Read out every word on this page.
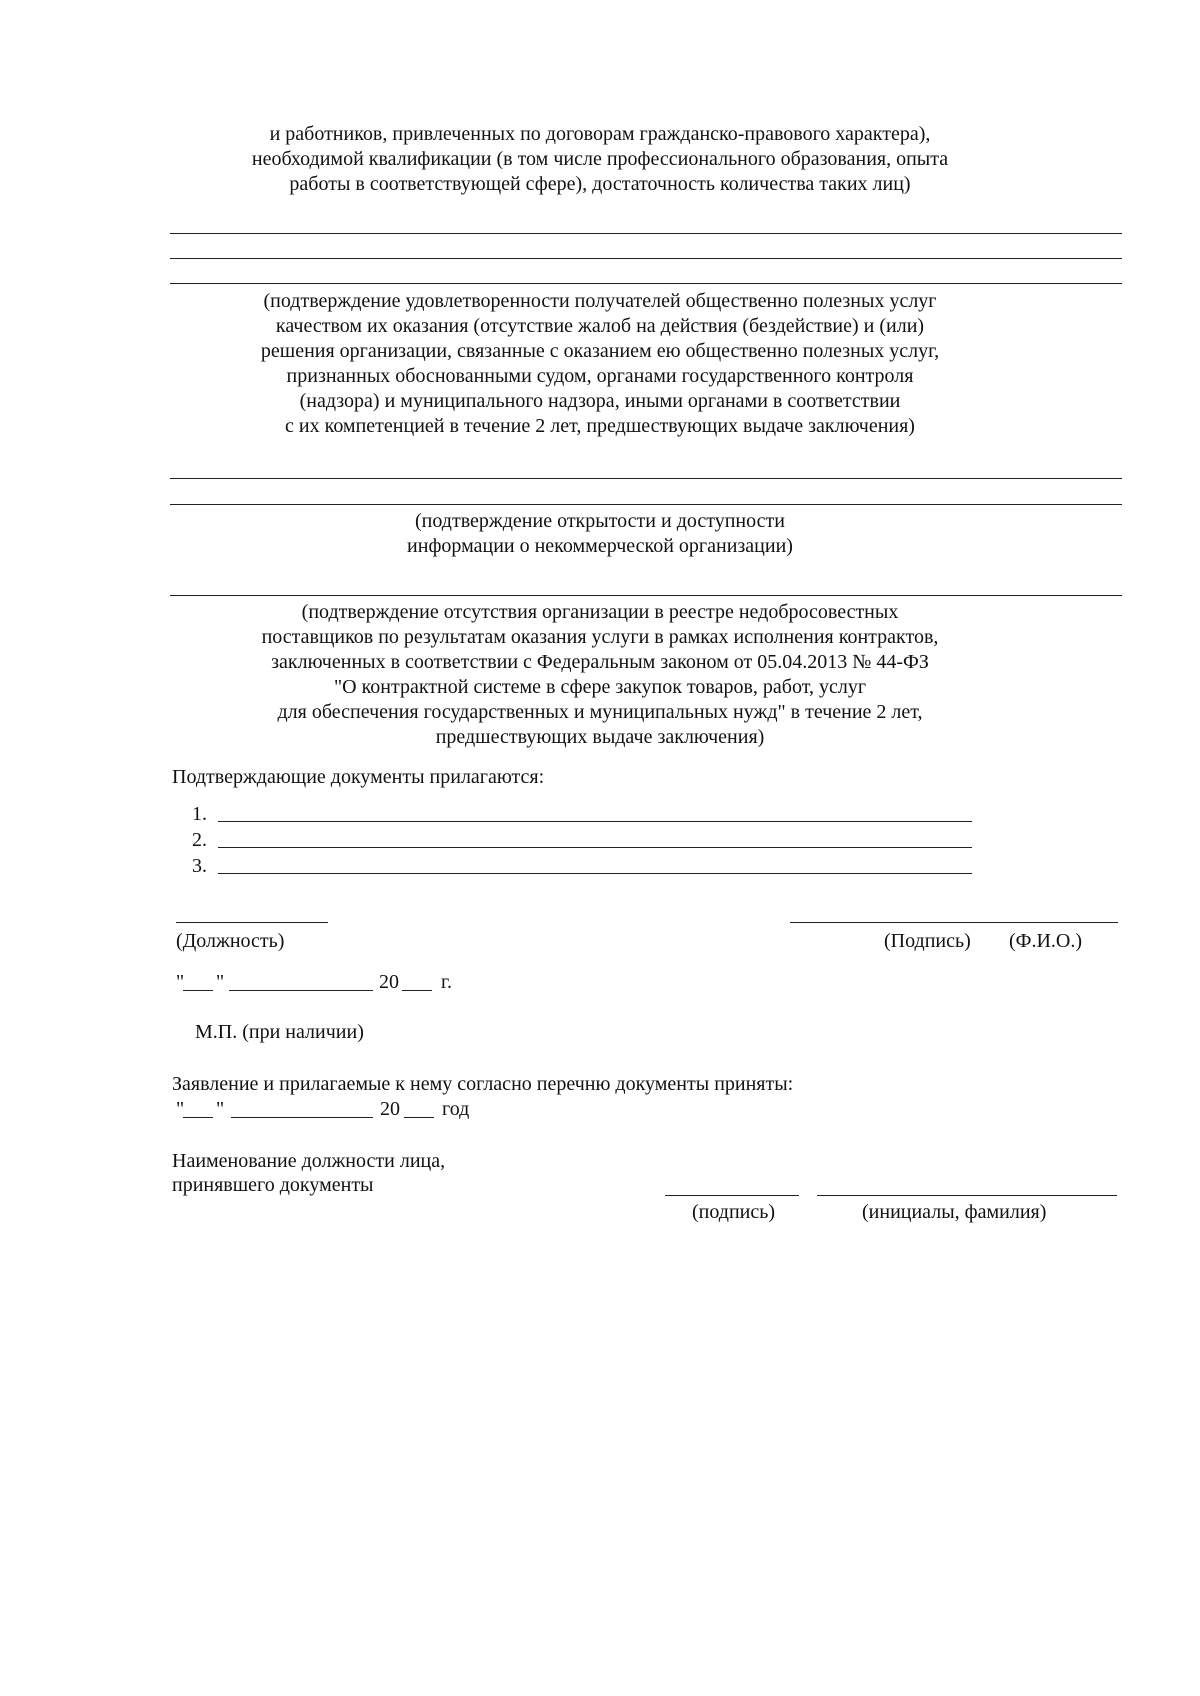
и работников, привлеченных по договорам гражданско-правового характера),
необходимой квалификации (в том числе профессионального образования, опыта
работы в соответствующей сфере), достаточность количества таких лиц)
(подтверждение удовлетворенности получателей общественно полезных услуг
качеством их оказания (отсутствие жалоб на действия (бездействие) и (или)
решения организации, связанные с оказанием ею общественно полезных услуг,
признанных обоснованными судом, органами государственного контроля
(надзора) и муниципального надзора, иными органами в соответствии
с их компетенцией в течение 2 лет, предшествующих выдаче заключения)
(подтверждение открытости и доступности
информации о некоммерческой организации)
(подтверждение отсутствия организации в реестре недобросовестных
поставщиков по результатам оказания услуги в рамках исполнения контрактов,
заключенных в соответствии с Федеральным законом от 05.04.2013 № 44-ФЗ
"О контрактной системе в сфере закупок товаров, работ, услуг
для обеспечения государственных и муниципальных нужд" в течение 2 лет,
предшествующих выдаче заключения)
Подтверждающие документы прилагаются:
1.
2.
3.
(Должность)	(Подпись) (Ф.И.О.)
" "	20 г.
М.П. (при наличии)
Заявление и прилагаемые к нему согласно перечню документы приняты:
" "	20 год
Наименование должности лица,
принявшего документы
(подпись)	(инициалы, фамилия)
